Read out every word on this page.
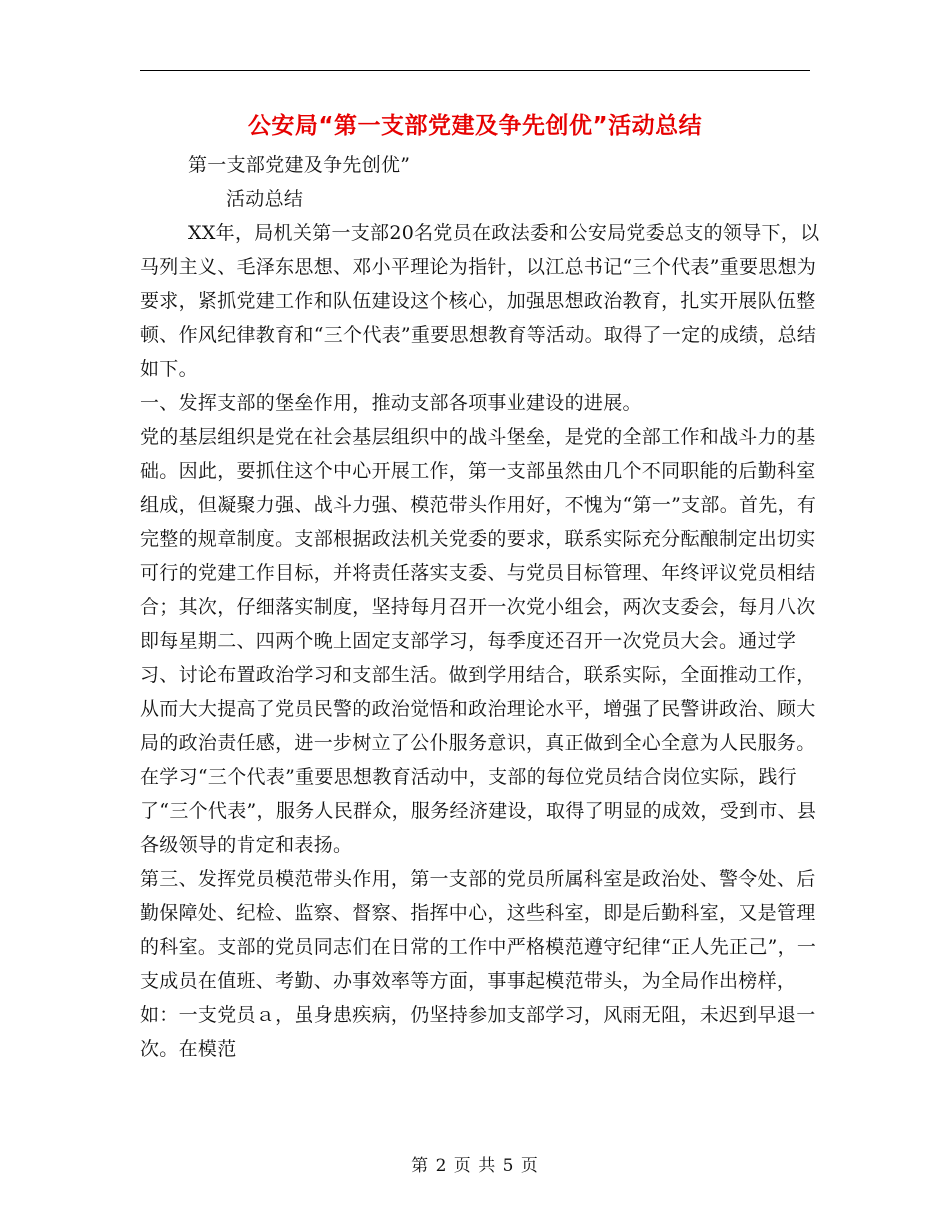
公安局“第一支部党建及争先创优”活动总结

第一支部党建及争先创优”

活动总结

XX年，局机关第一支部20名党员在政法委和公安局党委总支的领导下，以马列主义、毛泽东思想、邓小平理论为指针，以江总书记“三个代表”重要思想为要求，紧抓党建工作和队伍建设这个核心，加强思想政治教育，扎实开展队伍整顿、作风纪律教育和“三个代表”重要思想教育等活动。取得了一定的成绩，总结如下。

一、发挥支部的堡垒作用，推动支部各项事业建设的进展。

党的基层组织是党在社会基层组织中的战斗堡垒，是党的全部工作和战斗力的基础。因此，要抓住这个中心开展工作，第一支部虽然由几个不同职能的后勤科室组成，但凝聚力强、战斗力强、模范带头作用好，不愧为“第一”支部。首先，有完整的规章制度。支部根据政法机关党委的要求，联系实际充分酝酿制定出切实可行的党建工作目标，并将责任落实支委、与党员目标管理、年终评议党员相结合；其次，仔细落实制度，坚持每月召开一次党小组会，两次支委会，每月八次即每星期二、四两个晚上固定支部学习，每季度还召开一次党员大会。通过学习、讨论布置政治学习和支部生活。做到学用结合，联系实际，全面推动工作，从而大大提高了党员民警的政治觉悟和政治理论水平，增强了民警讲政治、顾大局的政治责任感，进一步树立了公仆服务意识，真正做到全心全意为人民服务。在学习“三个代表”重要思想教育活动中，支部的每位党员结合岗位实际，践行了“三个代表”，服务人民群众，服务经济建设，取得了明显的成效，受到市、县各级领导的肯定和表扬。

第三、发挥党员模范带头作用，第一支部的党员所属科室是政治处、警令处、后勤保障处、纪检、监察、督察、指挥中心，这些科室，即是后勤科室，又是管理的科室。支部的党员同志们在日常的工作中严格模范遵守纪律“正人先正己”，一支成员在值班、考勤、办事效率等方面，事事起模范带头，为全局作出榜样，如：一支党员ａ，虽身患疾病，仍坚持参加支部学习，风雨无阻，未迟到早退一次。在模范

第 2 页 共 5 页
